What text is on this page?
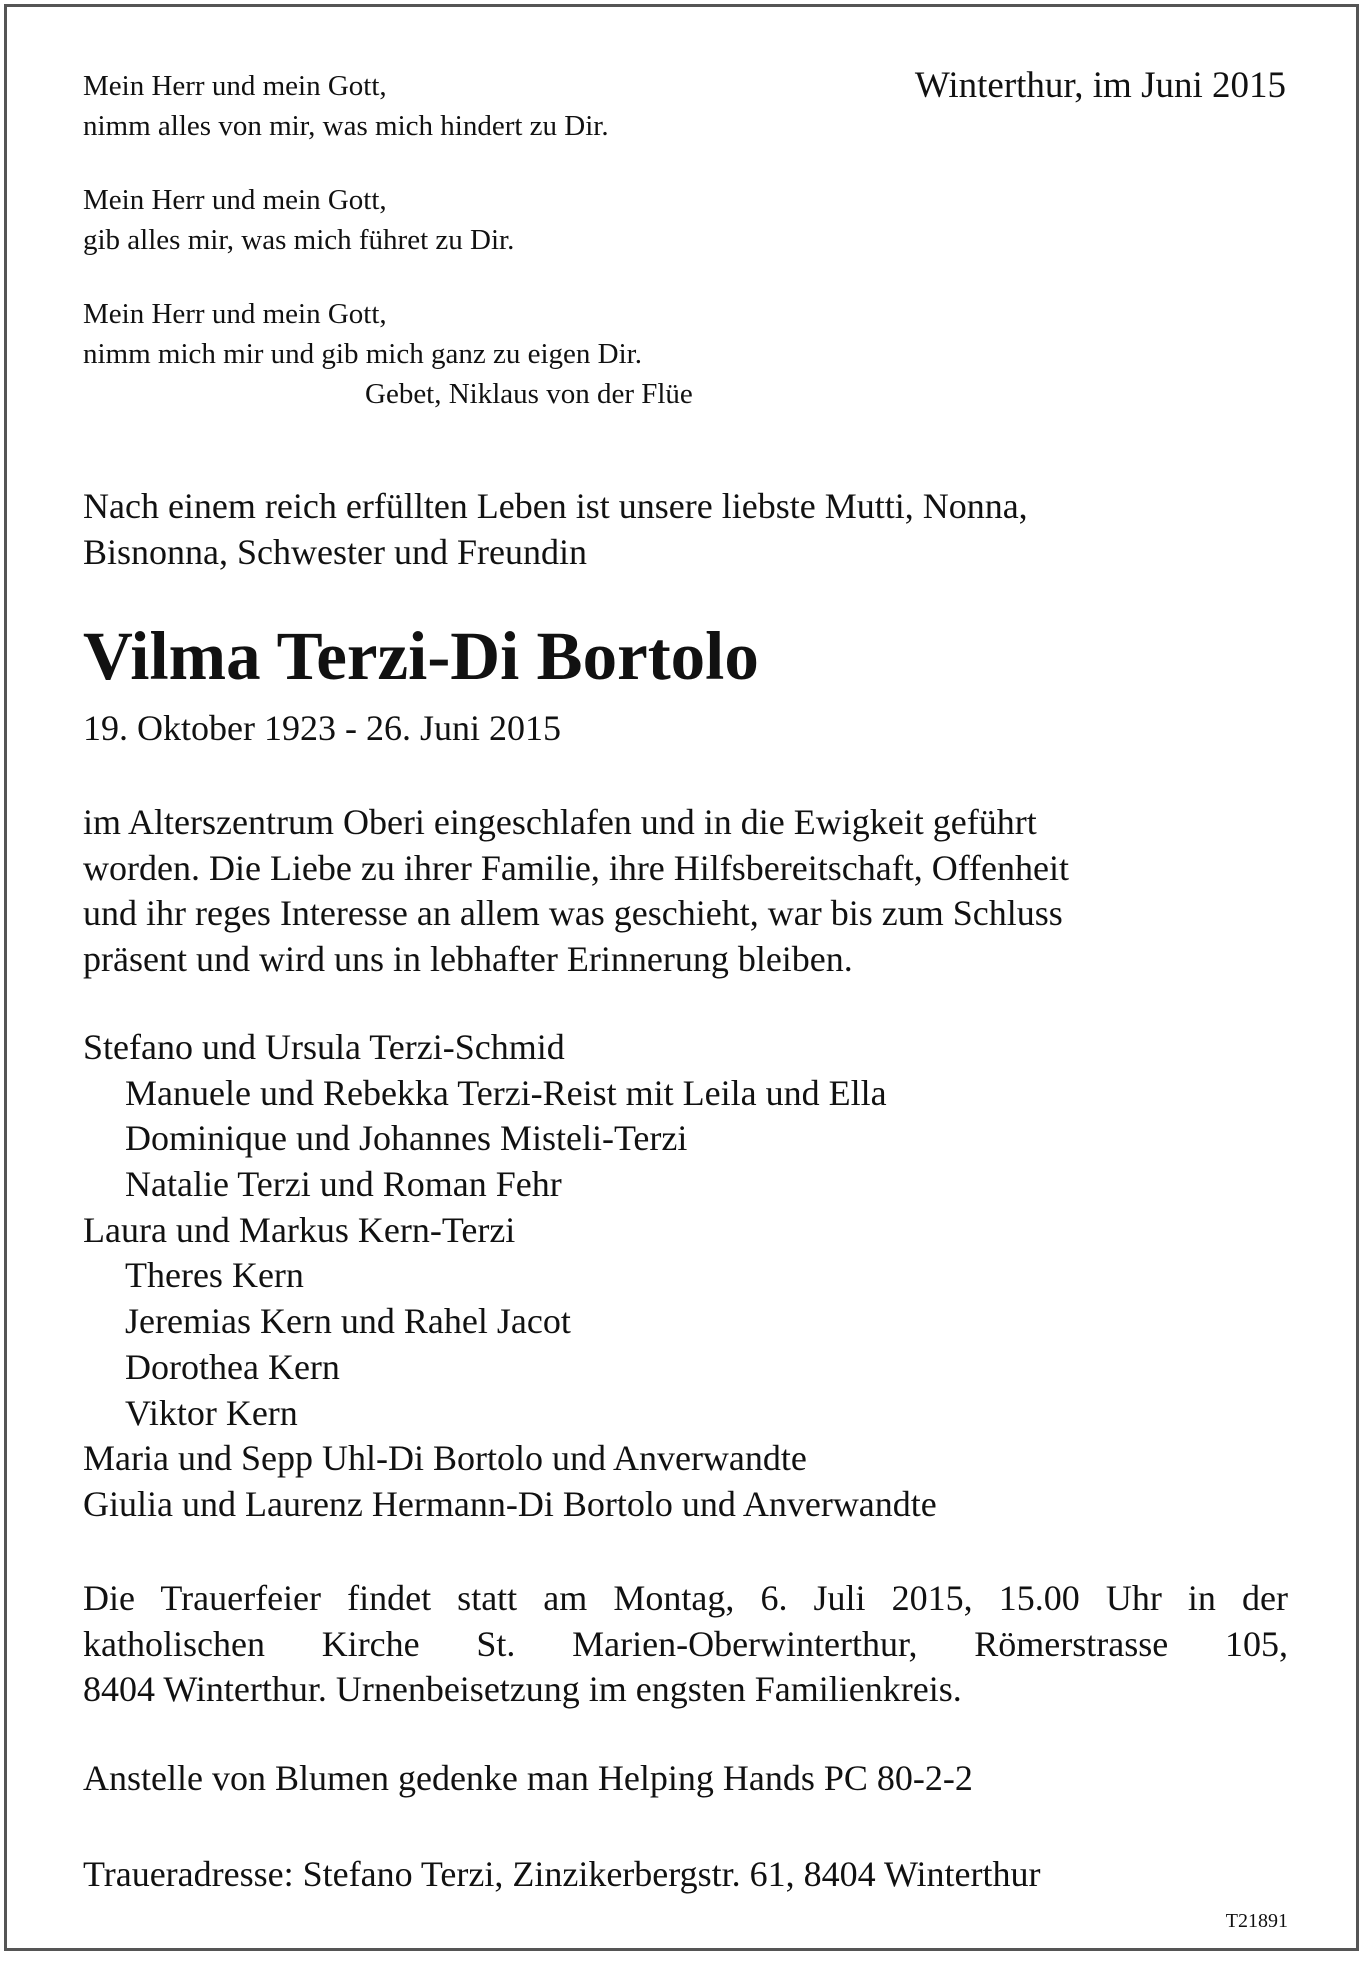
Winterthur, im Juni 2015
Mein Herr und mein Gott,
nimm alles von mir, was mich hindert zu Dir.
Mein Herr und mein Gott,
gib alles mir, was mich führet zu Dir.
Mein Herr und mein Gott,
nimm mich mir und gib mich ganz zu eigen Dir.
Gebet, Niklaus von der Flüe
Nach einem reich erfüllten Leben ist unsere liebste Mutti, Nonna,
Bisnonna, Schwester und Freundin
Vilma Terzi-Di Bortolo
19. Oktober 1923 - 26. Juni 2015
im Alterszentrum Oberi eingeschlafen und in die Ewigkeit geführt
worden. Die Liebe zu ihrer Familie, ihre Hilfsbereitschaft, Offenheit
und ihr reges Interesse an allem was geschieht, war bis zum Schluss
präsent und wird uns in lebhafter Erinnerung bleiben.
Stefano und Ursula Terzi-Schmid
Manuele und Rebekka Terzi-Reist mit Leila und Ella
Dominique und Johannes Misteli-Terzi
Natalie Terzi und Roman Fehr
Laura und Markus Kern-Terzi
Theres Kern
Jeremias Kern und Rahel Jacot
Dorothea Kern
Viktor Kern
Maria und Sepp Uhl-Di Bortolo und Anverwandte
Giulia und Laurenz Hermann-Di Bortolo und Anverwandte
Die Trauerfeier findet statt am Montag, 6. Juli 2015, 15.00 Uhr in der
katholischen Kirche St. Marien-Oberwinterthur, Römerstrasse 105,
8404 Winterthur. Urnenbeisetzung im engsten Familienkreis.
Anstelle von Blumen gedenke man Helping Hands PC 80-2-2
Traueradresse: Stefano Terzi, Zinzikerbergstr. 61, 8404 Winterthur
T21891
